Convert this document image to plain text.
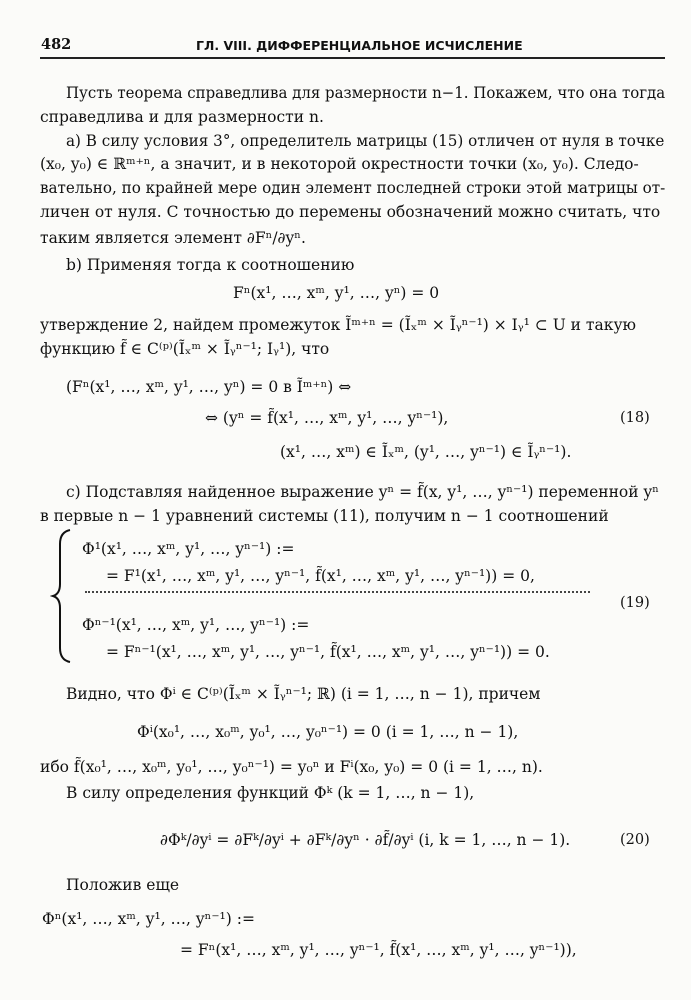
482	ГЛ. VIII. ДИФФЕРЕНЦИАЛЬНОЕ ИСЧИСЛЕНИЕ
Пусть теорема справедлива для размерности n−1. Покажем, что она тогда
справедлива и для размерности n.
a) В силу условия 3°, определитель матрицы (15) отличен от нуля в точке
(x₀, y₀) ∈ ℝᵐ⁺ⁿ, а значит, и в некоторой окрестности точки (x₀, y₀). Следо-
вательно, по крайней мере один элемент последней строки этой матрицы от-
личен от нуля. С точностью до перемены обозначений можно считать, что
таким является элемент ∂Fⁿ/∂yⁿ.
b) Применяя тогда к соотношению
Fⁿ(x¹, …, xᵐ, y¹, …, yⁿ) = 0
утверждение 2, найдем промежуток Ĩᵐ⁺ⁿ = (Ĩₓᵐ × Ĩᵧⁿ⁻¹) × Iᵧ¹ ⊂ U и такую
функцию f̃ ∈ C⁽ᵖ⁾(Ĩₓᵐ × Ĩᵧⁿ⁻¹; Iᵧ¹), что
(Fⁿ(x¹, …, xᵐ, y¹, …, yⁿ) = 0 в Ĩᵐ⁺ⁿ) ⇔
⇔ (yⁿ = f̃(x¹, …, xᵐ, y¹, …, yⁿ⁻¹),	(18)
(x¹, …, xᵐ) ∈ Ĩₓᵐ, (y¹, …, yⁿ⁻¹) ∈ Ĩᵧⁿ⁻¹).
c) Подставляя найденное выражение yⁿ = f̃(x, y¹, …, yⁿ⁻¹) переменной yⁿ
в первые n − 1 уравнений системы (11), получим n − 1 соотношений
Φ¹(x¹, …, xᵐ, y¹, …, yⁿ⁻¹) :=
= F¹(x¹, …, xᵐ, y¹, …, yⁿ⁻¹, f̃(x¹, …, xᵐ, y¹, …, yⁿ⁻¹)) = 0,
(19)
Φⁿ⁻¹(x¹, …, xᵐ, y¹, …, yⁿ⁻¹) :=
= Fⁿ⁻¹(x¹, …, xᵐ, y¹, …, yⁿ⁻¹, f̃(x¹, …, xᵐ, y¹, …, yⁿ⁻¹)) = 0.
Видно, что Φⁱ ∈ C⁽ᵖ⁾(Ĩₓᵐ × Ĩᵧⁿ⁻¹; ℝ) (i = 1, …, n − 1), причем
Φⁱ(x₀¹, …, x₀ᵐ, y₀¹, …, y₀ⁿ⁻¹) = 0 (i = 1, …, n − 1),
ибо f̃(x₀¹, …, x₀ᵐ, y₀¹, …, y₀ⁿ⁻¹) = y₀ⁿ и Fⁱ(x₀, y₀) = 0 (i = 1, …, n).
В силу определения функций Φᵏ (k = 1, …, n − 1),
∂Φᵏ/∂yⁱ = ∂Fᵏ/∂yⁱ + ∂Fᵏ/∂yⁿ · ∂f̃/∂yⁱ (i, k = 1, …, n − 1).	(20)
Положив еще
Φⁿ(x¹, …, xᵐ, y¹, …, yⁿ⁻¹) :=
= Fⁿ(x¹, …, xᵐ, y¹, …, yⁿ⁻¹, f̃(x¹, …, xᵐ, y¹, …, yⁿ⁻¹)),
